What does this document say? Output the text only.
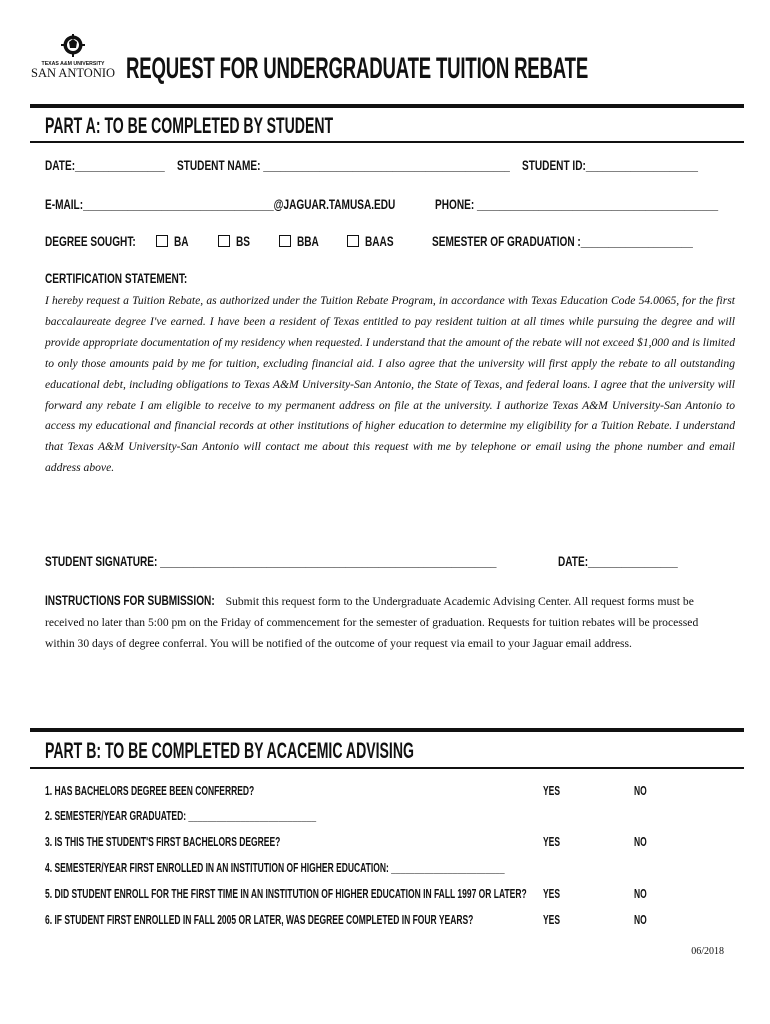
TEXAS A&M UNIVERSITY
SAN ANTONIO REQUEST FOR UNDERGRADUATE TUITION REBATE
PART A: TO BE COMPLETED BY STUDENT
DATE:________________ STUDENT NAME: ____________________________________________ STUDENT ID:____________________
E-MAIL:__________________________________@JAGUAR.TAMUSA.EDU	PHONE: ___________________________________________
DEGREE SOUGHT:	BA	BS	BBA	BAAS	SEMESTER OF GRADUATION :____________________
CERTIFICATION STATEMENT:
I hereby request a Tuition Rebate, as authorized under the Tuition Rebate Program, in accordance with Texas Education Code 54.0065, for the first baccalaureate degree I've earned. I have been a resident of Texas entitled to pay resident tuition at all times while pursuing the degree and will provide appropriate documentation of my residency when requested. I understand that the amount of the rebate will not exceed $1,000 and is limited to only those amounts paid by me for tuition, excluding financial aid. I also agree that the university will first apply the rebate to all outstanding educational debt, including obligations to Texas A&M University-San Antonio, the State of Texas, and federal loans. I agree that the university will forward any rebate I am eligible to receive to my permanent address on file at the university. I authorize Texas A&M University-San Antonio to access my educational and financial records at other institutions of higher education to determine my eligibility for a Tuition Rebate. I understand that Texas A&M University-San Antonio will contact me about this request with me by telephone or email using the phone number and email address above.
STUDENT SIGNATURE: ____________________________________________________________	DATE:________________
INSTRUCTIONS FOR SUBMISSION: Submit this request form to the Undergraduate Academic Advising Center. All request forms must be received no later than 5:00 pm on the Friday of commencement for the semester of graduation. Requests for tuition rebates will be processed within 30 days of degree conferral. You will be notified of the outcome of your request via email to your Jaguar email address.
PART B: TO BE COMPLETED BY ACACEMIC ADVISING
1. HAS BACHELORS DEGREE BEEN CONFERRED?	YES	NO
2. SEMESTER/YEAR GRADUATED: ___________________________
3. IS THIS THE STUDENT'S FIRST BACHELORS DEGREE?	YES	NO
4. SEMESTER/YEAR FIRST ENROLLED IN AN INSTITUTION OF HIGHER EDUCATION: ________________________
5. DID STUDENT ENROLL FOR THE FIRST TIME IN AN INSTITUTION OF HIGHER EDUCATION IN FALL 1997 OR LATER? YES	NO
6. IF STUDENT FIRST ENROLLED IN FALL 2005 OR LATER, WAS DEGREE COMPLETED IN FOUR YEARS?	YES	NO
06/2018
